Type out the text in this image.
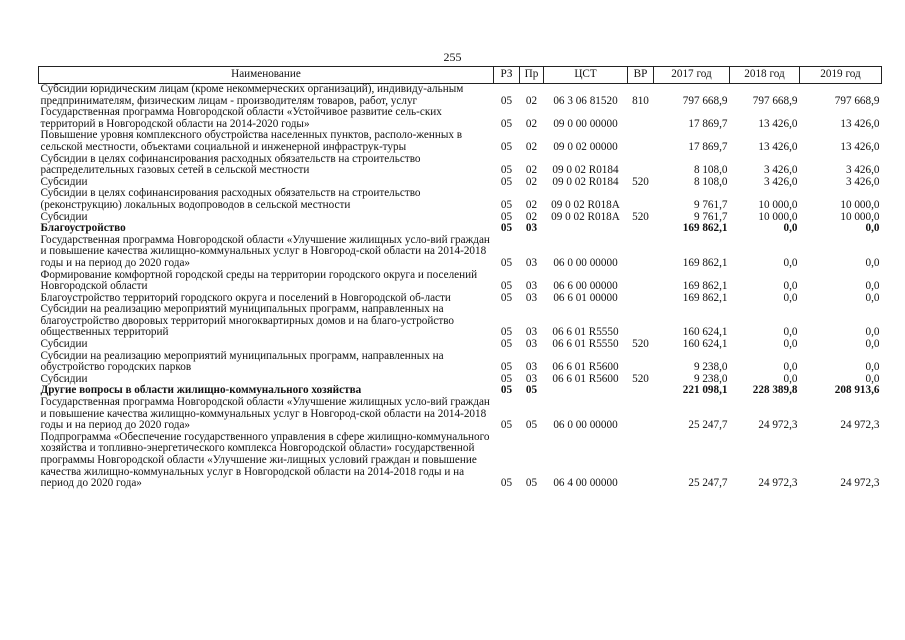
255
Наименование	РЗ	Пр	ЦСТ	ВР	2017 год	2018 год	2019 год
Субсидии юридическим лицам (кроме некоммерческих организаций), индивиду-альным предпринимателям, физическим лицам - производителям товаров, работ, услуг	05	02	06 3 06 81520	810	797 668,9	797 668,9	797 668,9
Государственная программа Новгородской области «Устойчивое развитие сель-ских территорий в Новгородской области на 2014-2020 годы»	05	02	09 0 00 00000		17 869,7	13 426,0	13 426,0
Повышение уровня комплексного обустройства населенных пунктов, располо-женных в сельской местности, объектами социальной и инженерной инфраструк-туры	05	02	09 0 02 00000		17 869,7	13 426,0	13 426,0
Субсидии в целях софинансирования расходных обязательств на строительство распределительных газовых сетей в сельской местности	05	02	09 0 02 R0184		8 108,0	3 426,0	3 426,0
Субсидии	05	02	09 0 02 R0184	520	8 108,0	3 426,0	3 426,0
Субсидии в целях софинансирования расходных обязательств на строительство (реконструкцию) локальных водопроводов в сельской местности	05	02	09 0 02 R018A		9 761,7	10 000,0	10 000,0
Субсидии	05	02	09 0 02 R018A	520	9 761,7	10 000,0	10 000,0
Благоустройство	05	03			169 862,1	0,0	0,0
Государственная программа Новгородской области «Улучшение жилищных усло-вий граждан и повышение качества жилищно-коммунальных услуг в Новгород-ской области на 2014-2018 годы и на период до 2020 года»	05	03	06 0 00 00000		169 862,1	0,0	0,0
Формирование комфортной городской среды на территории городского округа и поселений Новгородской области	05	03	06 6 00 00000		169 862,1	0,0	0,0
Благоустройство территорий городского округа и поселений в Новгородской об-ласти	05	03	06 6 01 00000		169 862,1	0,0	0,0
Субсидии на реализацию мероприятий муниципальных программ, направленных на благоустройство дворовых территорий многоквартирных домов и на благо-устройство общественных территорий	05	03	06 6 01 R5550		160 624,1	0,0	0,0
Субсидии	05	03	06 6 01 R5550	520	160 624,1	0,0	0,0
Субсидии на реализацию мероприятий муниципальных программ, направленных на обустройство городских парков	05	03	06 6 01 R5600		9 238,0	0,0	0,0
Субсидии	05	03	06 6 01 R5600	520	9 238,0	0,0	0,0
Другие вопросы в области жилищно-коммунального хозяйства	05	05			221 098,1	228 389,8	208 913,6
Государственная программа Новгородской области «Улучшение жилищных усло-вий граждан и повышение качества жилищно-коммунальных услуг в Новгород-ской области на 2014-2018 годы и на период до 2020 года»	05	05	06 0 00 00000		25 247,7	24 972,3	24 972,3
Подпрограмма «Обеспечение государственного управления в сфере жилищно-коммунального хозяйства и топливно-энергетического комплекса Новгородской области» государственной программы Новгородской области «Улучшение жи-лищных условий граждан и повышение качества жилищно-коммунальных услуг в Новгородской области на 2014-2018 годы и на период до 2020 года»	05	05	06 4 00 00000		25 247,7	24 972,3	24 972,3
